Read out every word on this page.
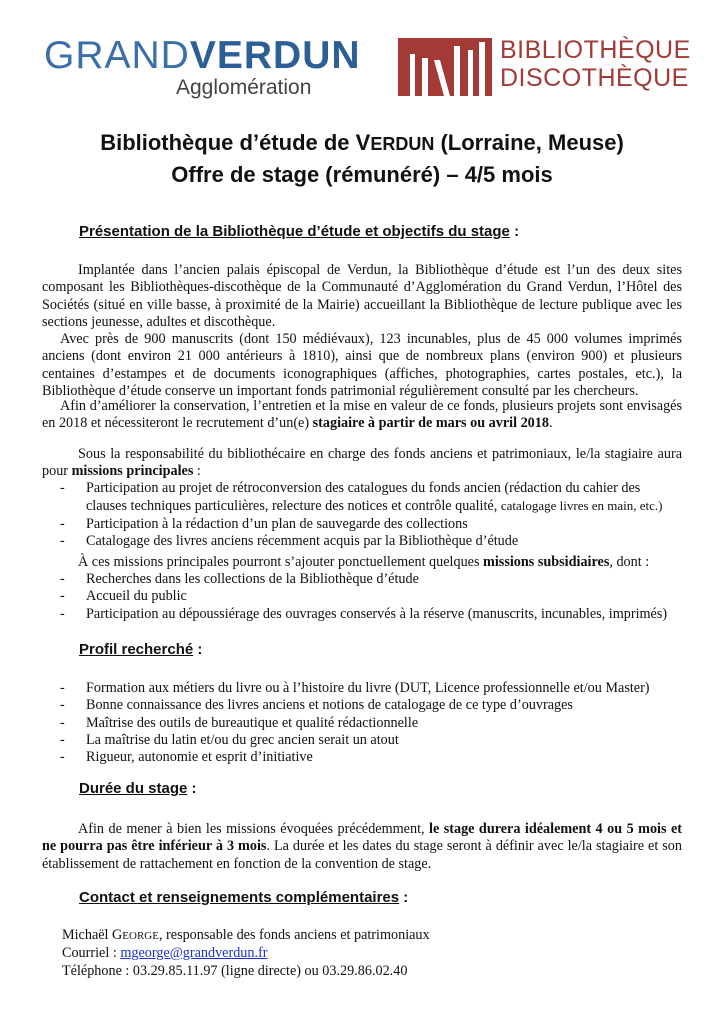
GRANDVERDUN
Agglomération
BIBLIOTHÈQUE
DISCOTHÈQUE
Bibliothèque d’étude de VERDUN (Lorraine, Meuse)
Offre de stage (rémunéré) – 4/5 mois
Présentation de la Bibliothèque d’étude et objectifs du stage :
Implantée dans l’ancien palais épiscopal de Verdun, la Bibliothèque d’étude est l’un des deux sites composant les Bibliothèques-discothèque de la Communauté d’Agglomération du Grand Verdun, l’Hôtel des Sociétés (situé en ville basse, à proximité de la Mairie) accueillant la Bibliothèque de lecture publique avec les sections jeunesse, adultes et discothèque.
Avec près de 900 manuscrits (dont 150 médiévaux), 123 incunables, plus de 45 000 volumes imprimés anciens (dont environ 21 000 antérieurs à 1810), ainsi que de nombreux plans (environ 900) et plusieurs centaines d’estampes et de documents iconographiques (affiches, photographies, cartes postales, etc.), la Bibliothèque d’étude conserve un important fonds patrimonial régulièrement consulté par les chercheurs.
Afin d’améliorer la conservation, l’entretien et la mise en valeur de ce fonds, plusieurs projets sont envisagés en 2018 et nécessiteront le recrutement d’un(e) stagiaire à partir de mars ou avril 2018.
Sous la responsabilité du bibliothécaire en charge des fonds anciens et patrimoniaux, le/la stagiaire aura pour missions principales :
- Participation au projet de rétroconversion des catalogues du fonds ancien (rédaction du cahier des clauses techniques particulières, relecture des notices et contrôle qualité, catalogage livres en main, etc.)
- Participation à la rédaction d’un plan de sauvegarde des collections
- Catalogage des livres anciens récemment acquis par la Bibliothèque d’étude
À ces missions principales pourront s’ajouter ponctuellement quelques missions subsidiaires, dont :
- Recherches dans les collections de la Bibliothèque d’étude
- Accueil du public
- Participation au dépoussiérage des ouvrages conservés à la réserve (manuscrits, incunables, imprimés)
Profil recherché :
- Formation aux métiers du livre ou à l’histoire du livre (DUT, Licence professionnelle et/ou Master)
- Bonne connaissance des livres anciens et notions de catalogage de ce type d’ouvrages
- Maîtrise des outils de bureautique et qualité rédactionnelle
- La maîtrise du latin et/ou du grec ancien serait un atout
- Rigueur, autonomie et esprit d’initiative
Durée du stage :
Afin de mener à bien les missions évoquées précédemment, le stage durera idéalement 4 ou 5 mois et ne pourra pas être inférieur à 3 mois. La durée et les dates du stage seront à définir avec le/la stagiaire et son établissement de rattachement en fonction de la convention de stage.
Contact et renseignements complémentaires :
Michaël GEORGE, responsable des fonds anciens et patrimoniaux
Courriel : mgeorge@grandverdun.fr
Téléphone : 03.29.85.11.97 (ligne directe) ou 03.29.86.02.40
